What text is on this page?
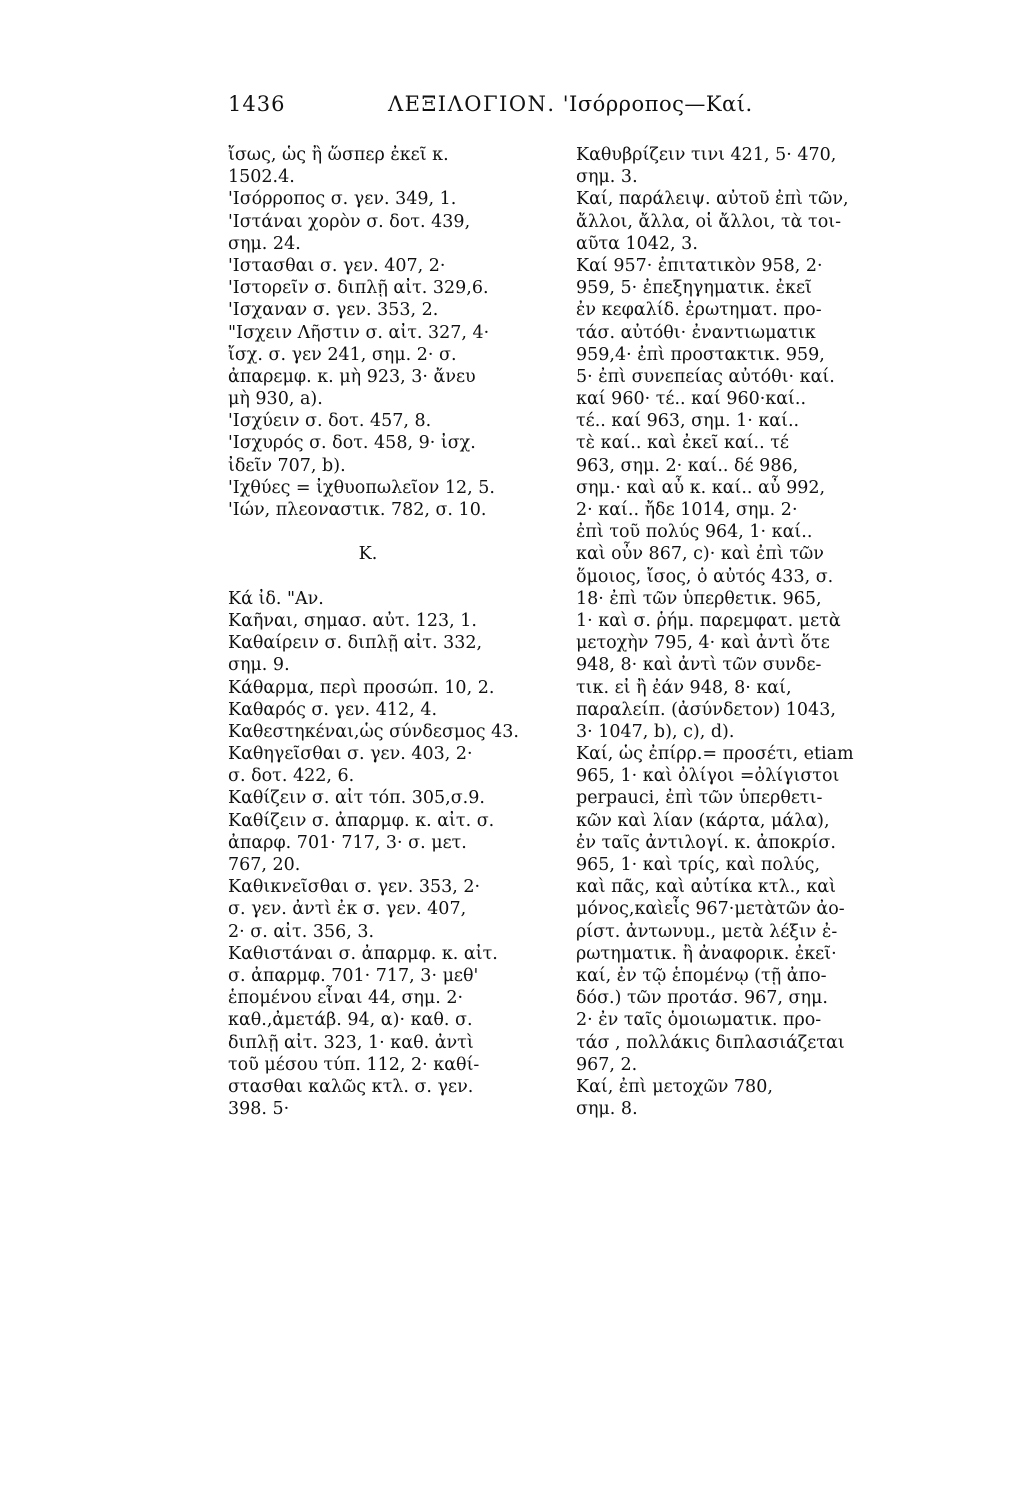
1436	ΛΕΞΙΛΟΓΙΟΝ. 'Ισόρροπος—Καί.
ἴσως, ὡς ἢ ὥσπερ ἐκεῖ κ.
1502.4.
'Ισόρροπος σ. γεν. 349, 1.
'Ιστάναι χορὸν σ. δοτ. 439,
σημ. 24.
'Ιστασθαι σ. γεν. 407, 2·
'Ιστορεῖν σ. διπλῇ αἰτ. 329,6.
'Ισχαναν σ. γεν. 353, 2.
"Ισχειν Λῆστιν σ. αἰτ. 327, 4·
ἴσχ. σ. γεν 241, σημ. 2· σ.
ἀπαρεμφ. κ. μὴ 923, 3· ἄνευ
μὴ 930, a).
'Ισχύειν σ. δοτ. 457, 8.
'Ισχυρός σ. δοτ. 458, 9· ἰσχ.
ἰδεῖν 707, b).
'Ιχθύες = ἰχθυοπωλεῖον 12, 5.
'Ιών, πλεοναστικ. 782, σ. 10.
Κ.
Κά ἰδ. "Αν.
Καῆναι, σημασ. αὐτ. 123, 1.
Καθαίρειν σ. διπλῇ αἰτ. 332,
σημ. 9.
Κάθαρμα, περὶ προσώπ. 10, 2.
Καθαρός σ. γεν. 412, 4.
Καθεστηκέναι,ὡς σύνδεσμος 43.
Καθηγεῖσθαι σ. γεν. 403, 2·
σ. δοτ. 422, 6.
Καθίζειν σ. αἰτ τόπ. 305,σ.9.
Καθίζειν σ. ἀπαρμφ. κ. αἰτ. σ.
ἀπαρφ. 701· 717, 3· σ. μετ.
767, 20.
Καθικνεῖσθαι σ. γεν. 353, 2·
σ. γεν. ἀντὶ ἐκ σ. γεν. 407,
2· σ. αἰτ. 356, 3.
Καθιστάναι σ. ἀπαρμφ. κ. αἰτ.
σ. ἀπαρμφ. 701· 717, 3· μεθ'
ἑπομένου εἶναι 44, σημ. 2·
καθ.,ἀμετάβ. 94, α)· καθ. σ.
διπλῇ αἰτ. 323, 1· καθ. ἀντὶ
τοῦ μέσου τύπ. 112, 2· καθί-
στασθαι καλῶς κτλ. σ. γεν.
398. 5·
Καθυβρίζειν τινι 421, 5· 470,
σημ. 3.
Καί, παράλειψ. αὐτοῦ ἐπὶ τῶν,
ἄλλοι, ἄλλα, οἱ ἄλλοι, τὰ τοι-
αῦτα 1042, 3.
Καί 957· ἐπιτατικὸν 958, 2·
959, 5· ἐπεξηγηματικ. ἐκεῖ
ἐν κεφαλίδ. ἐρωτηματ. προ-
τάσ. αὐτόθι· ἐναντιωματικ
959,4· ἐπὶ προστακτικ. 959,
5· ἐπὶ συνεπείας αὐτόθι· καί.
καί 960· τέ.. καί 960·καί..
τέ.. καί 963, σημ. 1· καί..
τὲ καί.. καὶ ἐκεῖ καί.. τέ
963, σημ. 2· καί.. δέ 986,
σημ.· καὶ αὖ κ. καί.. αὖ 992,
2· καί.. ἤδε 1014, σημ. 2·
ἐπὶ τοῦ πολύς 964, 1· καί..
καὶ οὖν 867, c)· καὶ ἐπὶ τῶν
ὅμοιος, ἴσος, ὁ αὐτός 433, σ.
18· ἐπὶ τῶν ὑπερθετικ. 965,
1· καὶ σ. ῥήμ. παρεμφατ. μετὰ
μετοχὴν 795, 4· καὶ ἀντὶ ὅτε
948, 8· καὶ ἀντὶ τῶν συνδε-
τικ. εἰ ἢ ἐάν 948, 8· καί,
παραλείπ. (ἀσύνδετον) 1043,
3· 1047, b), c), d).
Καί, ὡς ἐπίρρ.= προσέτι, etiam
965, 1· καὶ ὀλίγοι =ὀλίγιστοι
perpauci, ἐπὶ τῶν ὑπερθετι-
κῶν καὶ λίαν (κάρτα, μάλα),
ἐν ταῖς ἀντιλογί. κ. ἀποκρίσ.
965, 1· καὶ τρίς, καὶ πολύς,
καὶ πᾶς, καὶ αὐτίκα κτλ., καὶ
μόνος,καὶεἷς 967·μετὰτῶν ἀο-
ρίστ. ἀντωνυμ., μετὰ λέξιν ἐ-
ρωτηματικ. ἢ ἀναφορικ. ἐκεῖ·
καί, ἐν τῷ ἑπομένῳ (τῇ ἀπο-
δόσ.) τῶν προτάσ. 967, σημ.
2· ἐν ταῖς ὁμοιωματικ. προ-
τάσ , πολλάκις διπλασιάζεται
967, 2.
Καί, ἐπὶ μετοχῶν 780,
σημ. 8.
